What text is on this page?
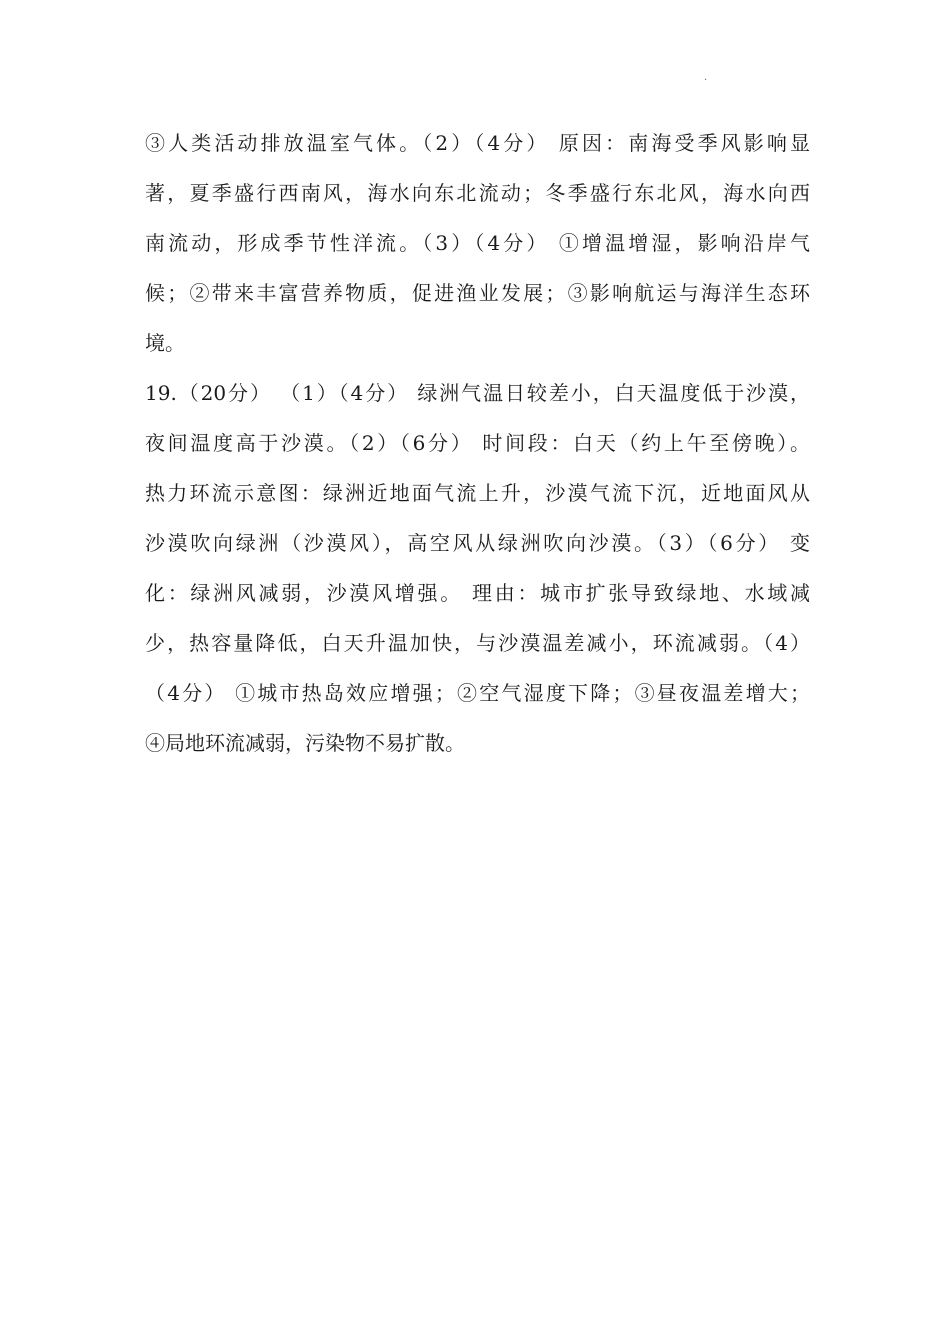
.
③人类活动排放温室气体。（2）（4分） 原因：南海受季风影响显
著，夏季盛行西南风，海水向东北流动；冬季盛行东北风，海水向西
南流动，形成季节性洋流。（3）（4分） ①增温增湿，影响沿岸气
候；②带来丰富营养物质，促进渔业发展；③影响航运与海洋生态环
境。
19.（20分） （1）（4分） 绿洲气温日较差小，白天温度低于沙漠，
夜间温度高于沙漠。（2）（6分） 时间段：白天（约上午至傍晚）。
热力环流示意图：绿洲近地面气流上升，沙漠气流下沉，近地面风从
沙漠吹向绿洲（沙漠风），高空风从绿洲吹向沙漠。（3）（6分） 变
化：绿洲风减弱，沙漠风增强。 理由：城市扩张导致绿地、水域减
少，热容量降低，白天升温加快，与沙漠温差减小，环流减弱。（4）
（4分） ①城市热岛效应增强；②空气湿度下降；③昼夜温差增大；
④局地环流减弱，污染物不易扩散。
